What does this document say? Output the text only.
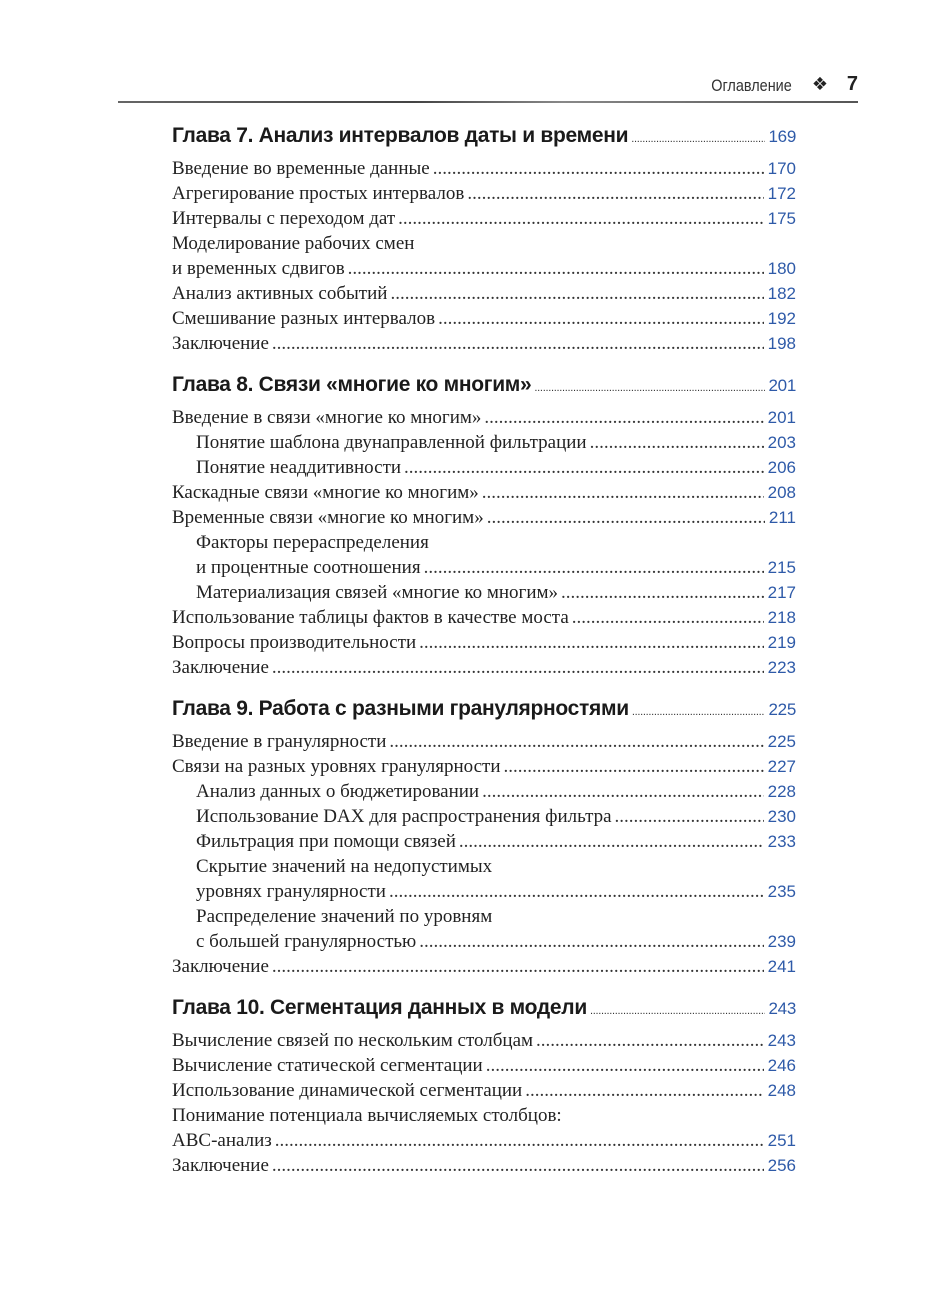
Оглавление ❖ 7
Глава 7. Анализ интервалов даты и времени .....	169
Введение во временные данные .....	170
Агрегирование простых интервалов .....	172
Интервалы с переходом дат .....	175
Моделирование рабочих смен
и временных сдвигов .....	180
Анализ активных событий .....	182
Смешивание разных интервалов .....	192
Заключение .....	198
Глава 8. Связи «многие ко многим» .....	201
Введение в связи «многие ко многим» .....	201
Понятие шаблона двунаправленной фильтрации .....	203
Понятие неаддитивности .....	206
Каскадные связи «многие ко многим» .....	208
Временные связи «многие ко многим» .....	211
Факторы перераспределения
и процентные соотношения .....	215
Материализация связей «многие ко многим» .....	217
Использование таблицы фактов в качестве моста .....	218
Вопросы производительности .....	219
Заключение .....	223
Глава 9. Работа с разными гранулярностями .....	225
Введение в гранулярности .....	225
Связи на разных уровнях гранулярности .....	227
Анализ данных о бюджетировании .....	228
Использование DAX для распространения фильтра .....	230
Фильтрация при помощи связей .....	233
Скрытие значений на недопустимых
уровнях гранулярности .....	235
Распределение значений по уровням
с большей гранулярностью .....	239
Заключение .....	241
Глава 10. Сегментация данных в модели .....	243
Вычисление связей по нескольким столбцам .....	243
Вычисление статической сегментации .....	246
Использование динамической сегментации .....	248
Понимание потенциала вычисляемых столбцов:
ABC-анализ .....	251
Заключение .....	256
